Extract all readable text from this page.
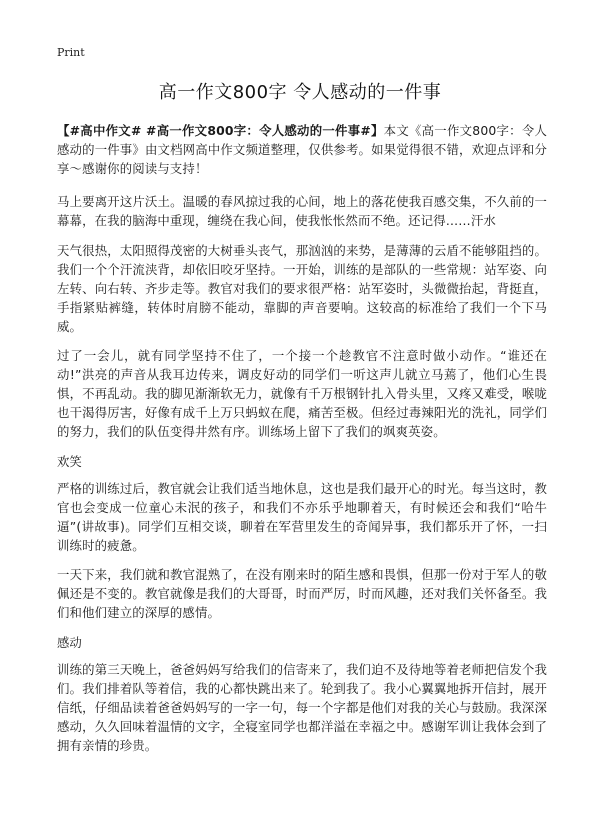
Print
高一作文800字 令人感动的一件事

【#高中作文# #高一作文800字：令人感动的一件事#】本文《高一作文800字：令人感动的一件事》由文档网高中作文频道整理，仅供参考。如果觉得很不错，欢迎点评和分享～感谢你的阅读与支持！

马上要离开这片沃土。温暖的春风掠过我的心间，地上的落花使我百感交集，不久前的一幕幕，在我的脑海中重现，缠绕在我心间，使我怅怅然而不绝。还记得……汗水

天气很热，太阳照得茂密的大树垂头丧气，那汹汹的来势，是薄薄的云盾不能够阻挡的。我们一个个汗流浃背，却依旧咬牙坚持。一开始，训练的是部队的一些常规：站军姿、向左转、向右转、齐步走等。教官对我们的要求很严格：站军姿时，头微微抬起，背挺直，手指紧贴裤缝，转体时肩膀不能动，靠脚的声音要响。这较高的标准给了我们一个下马威。

过了一会儿，就有同学坚持不住了，一个接一个趁教官不注意时做小动作。“谁还在动!”洪亮的声音从我耳边传来，调皮好动的同学们一听这声儿就立马蔫了，他们心生畏惧，不再乱动。我的脚见渐渐软无力，就像有千万根钢针扎入骨头里，又疼又难受，喉咙也干渴得厉害，好像有成千上万只蚂蚁在爬，痛苦至极。但经过毒辣阳光的洗礼，同学们的努力，我们的队伍变得井然有序。训练场上留下了我们的飒爽英姿。

欢笑

严格的训练过后，教官就会让我们适当地休息，这也是我们最开心的时光。每当这时，教官也会变成一位童心未泯的孩子，和我们不亦乐乎地聊着天，有时候还会和我们“哈牛逼”(讲故事)。同学们互相交谈，聊着在军营里发生的奇闻异事，我们都乐开了怀，一扫训练时的疲惫。

一天下来，我们就和教官混熟了，在没有刚来时的陌生感和畏惧，但那一份对于军人的敬佩还是不变的。教官就像是我们的大哥哥，时而严厉，时而风趣，还对我们关怀备至。我们和他们建立的深厚的感情。

感动

训练的第三天晚上，爸爸妈妈写给我们的信寄来了，我们迫不及待地等着老师把信发个我们。我们排着队等着信，我的心都快跳出来了。轮到我了。我小心翼翼地拆开信封，展开信纸，仔细品读着爸爸妈妈写的一字一句，每一个字都是他们对我的关心与鼓励。我深深感动，久久回味着温情的文字，全寝室同学也都洋溢在幸福之中。感谢军训让我体会到了拥有亲情的珍贵。
